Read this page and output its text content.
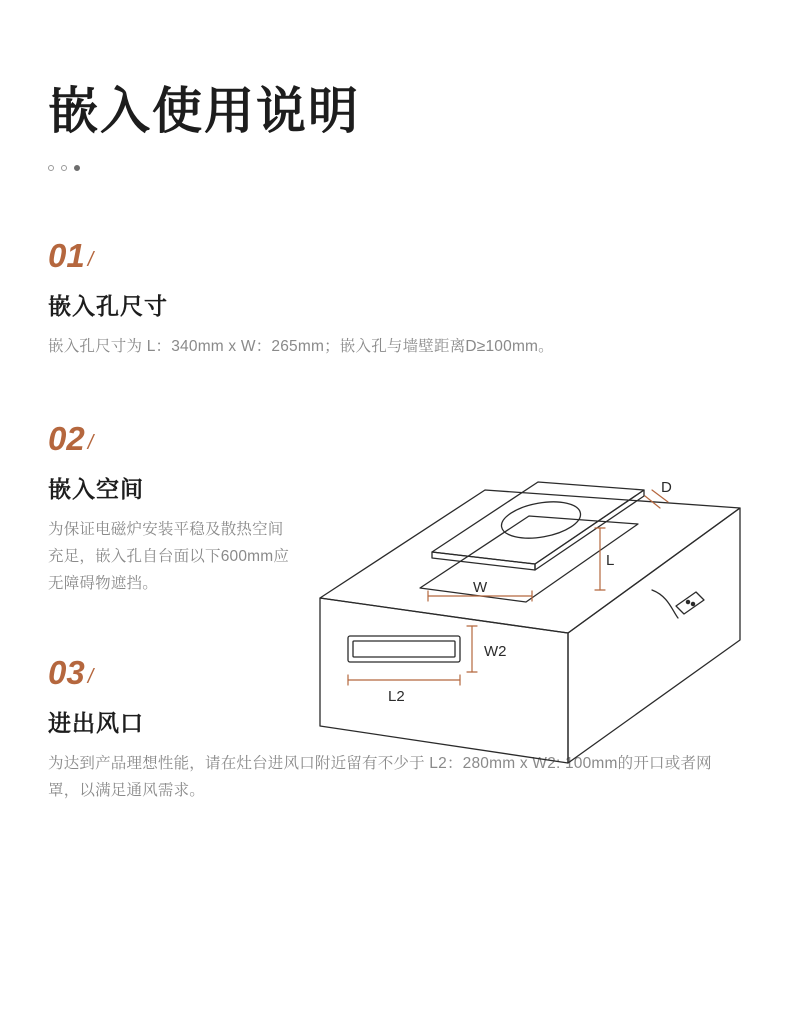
嵌入使用说明
01 /
嵌入孔尺寸
嵌入孔尺寸为 L：340mm x W：265mm；嵌入孔与墙壁距离D≥100mm。
02 /
嵌入空间
为保证电磁炉安装平稳及散热空间充足，嵌入孔自台面以下600mm应无障碍物遮挡。
03 /
进出风口
为达到产品理想性能，请在灶台进风口附近留有不少于 L2：280mm x W2: 100mm的开口或者网罩，以满足通风需求。
D
L
W
W2
L2
